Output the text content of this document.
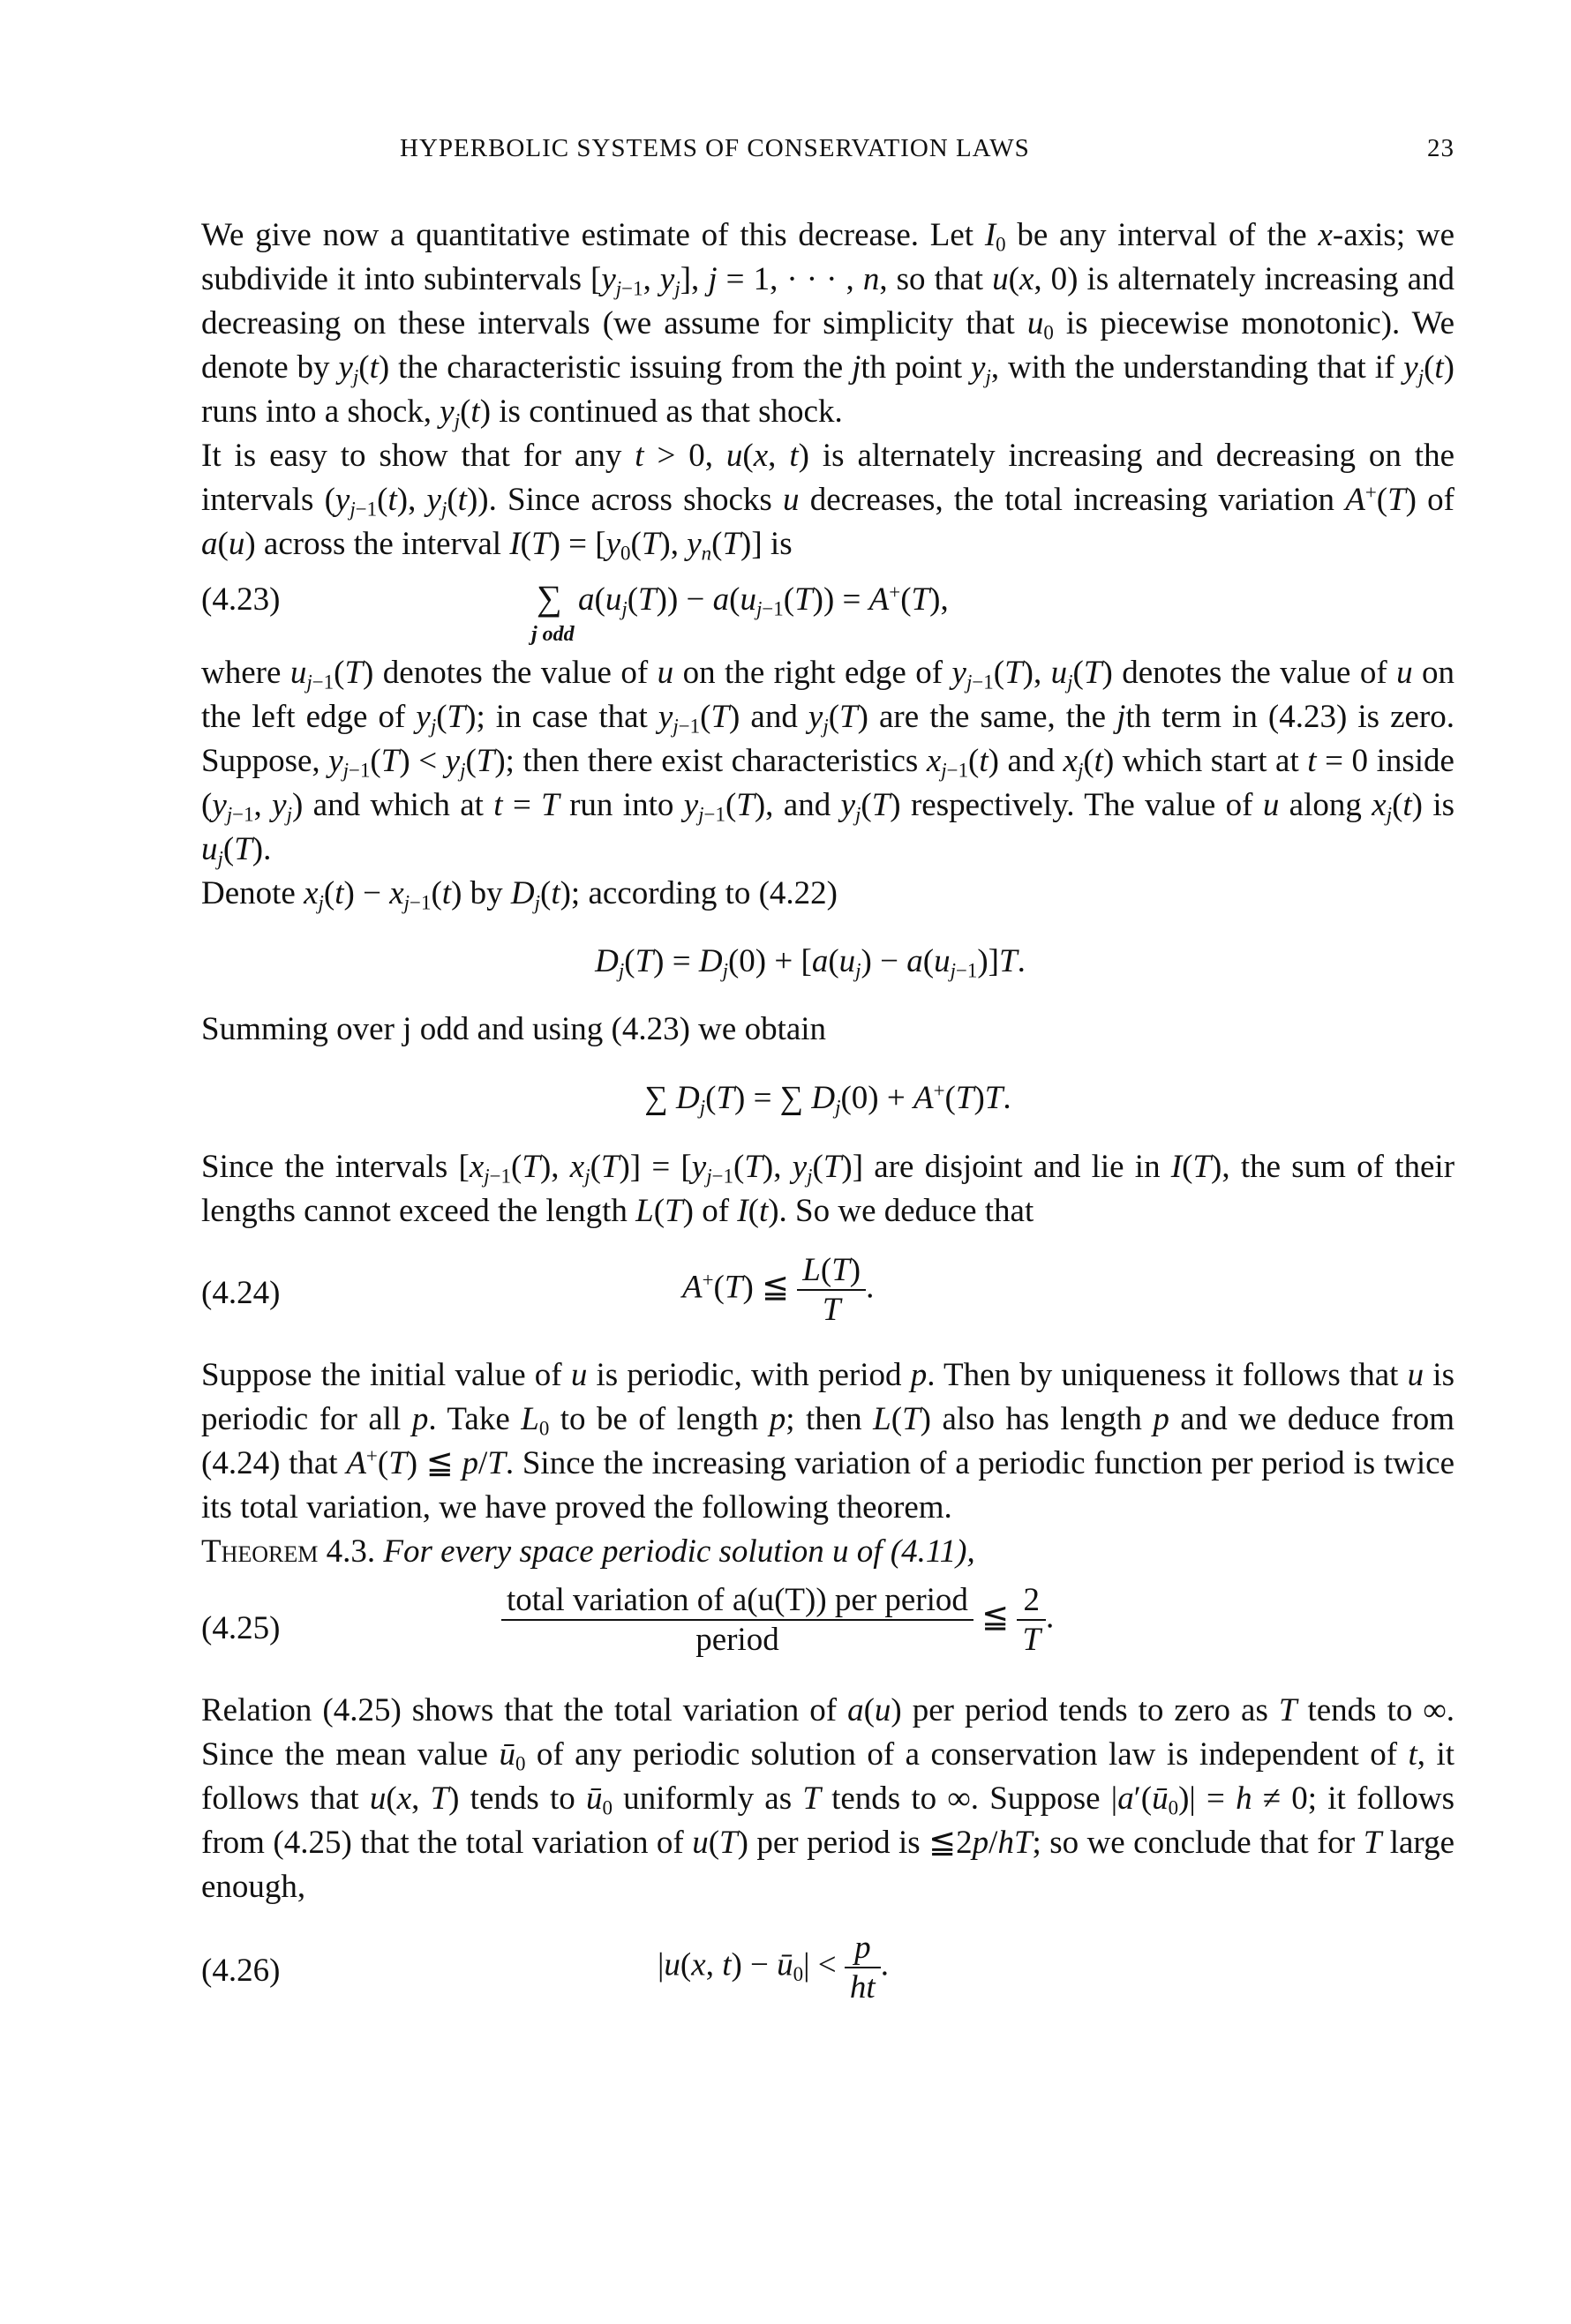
HYPERBOLIC SYSTEMS OF CONSERVATION LAWS	23

We give now a quantitative estimate of this decrease. Let $I_0$ be any interval of the x-axis; we subdivide it into subintervals [$y_{j-1}$, $y_j$], j = 1, · · · , n, so that u(x, 0) is alternately increasing and decreasing on these intervals (we assume for simplicity that $u_0$ is piecewise monotonic). We denote by $y_j(t)$ the characteristic issuing from the jth point $y_j$, with the understanding that if $y_j(t)$ runs into a shock, $y_j(t)$ is continued as that shock.

It is easy to show that for any t > 0, u(x, t) is alternately increasing and decreasing on the intervals ($y_{j-1}(t)$, $y_j(t)$). Since across shocks u decreases, the total increasing variation A+(T) of a(u) across the interval $I(T) = [y_0(T)$, $y_n(T)$] is

(4.23)	∑ $a(u_j(T)) - a(u_{j-1}(T)) = A^+(T)$,
j odd

where $u_{j-1}(T)$ denotes the value of u on the right edge of $y_{j-1}(T)$, $u_j(T)$ denotes the value of u on the left edge of $y_j(T)$; in case that $y_{j-1}(T)$ and $y_j(T)$ are the same, the jth term in (4.23) is zero. Suppose, $y_{j-1}(T) < y_j(T)$; then there exist characteristics $x_{j-1}(t)$ and $x_j(t)$ which start at t = 0 inside ($y_{j-1}$, $y_j$) and which at t = T run into $y_{j-1}(T)$, and $y_j(T)$ respectively. The value of u along $x_j(t)$ is $u_j(T)$.

Denote $x_j(t) - x_{j-1}(t)$ by $D_j(t)$; according to (4.22)

$D_j(T) = D_j(0) + [a(u_j) - a(u_{j-1})]T$.

Summing over j odd and using (4.23) we obtain

∑ $D_j(T)$ = ∑ $D_j(0) + A^+(T)T$.

Since the intervals [$x_{j-1}(T)$, $x_j(T)] = [y_{j-1}(T)$, $y_j(T)$] are disjoint and lie in I(T), the sum of their lengths cannot exceed the length L(T) of I(t). So we deduce that

(4.24)	A+(T) ≦ $\frac{L(T)}{T}$ .

Suppose the initial value of u is periodic, with period p. Then by uniqueness it follows that u is periodic for all p. Take $L_0$ to be of length p; then L(T) also has length p and we deduce from (4.24) that A+(T) ≦ p/T. Since the increasing variation of a periodic function per period is twice its total variation, we have proved the following theorem.

Theorem 4.3. For every space periodic solution u of (4.11),

(4.25)	$\frac{\text{total variation of a(u(T)) per period}}{\text{period}}$ ≦ $\frac{2}{T}$ .

Relation (4.25) shows that the total variation of a(u) per period tends to zero as T tends to ∞. Since the mean value $ū_0$ of any periodic solution of a conservation law is independent of t, it follows that u(x, T) tends to $ū_0$ uniformly as T tends to ∞. Suppose $|a'(ū_0)| = h \ne 0$; it follows from (4.25) that the total variation of u(T) per period is ≦2p/hT; so we conclude that for T large enough,

(4.26)	|u(x, $t) - ū_0| < \frac{p}{ht}$ .
